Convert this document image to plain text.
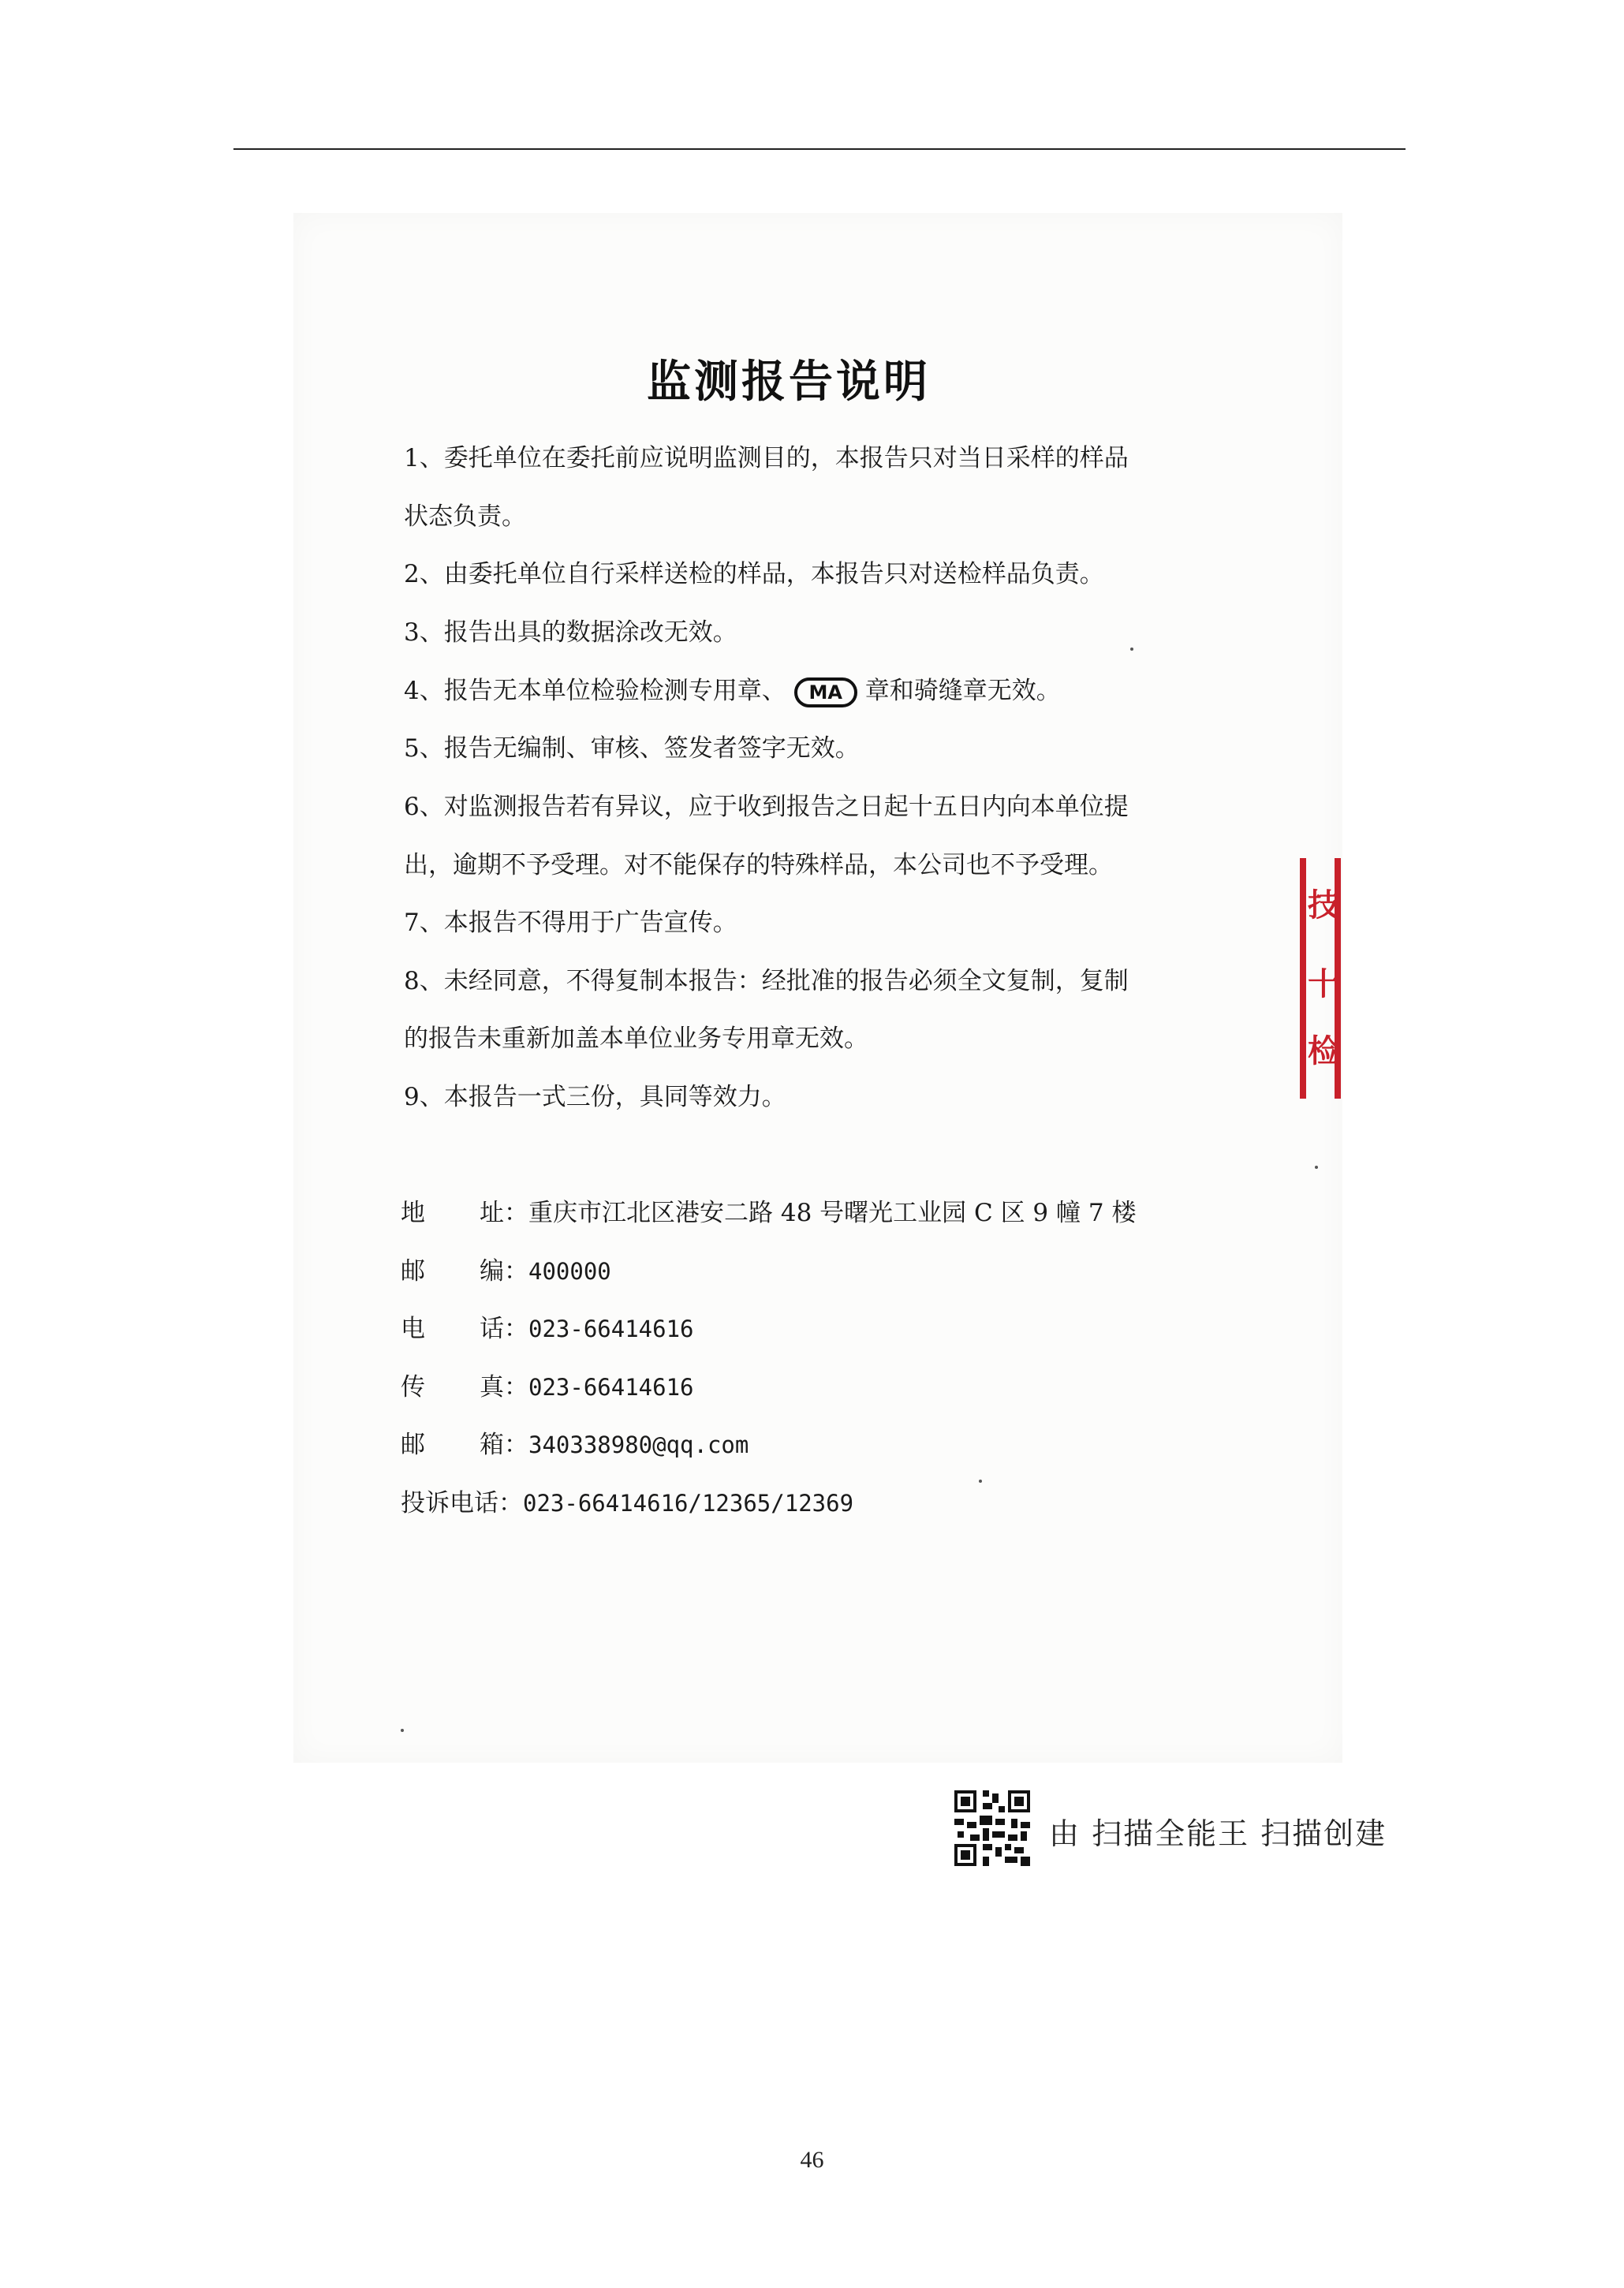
监测报告说明
1、委托单位在委托前应说明监测目的，本报告只对当日采样的样品
状态负责。
2、由委托单位自行采样送检的样品，本报告只对送检样品负责。
3、报告出具的数据涂改无效。
4、报告无本单位检验检测专用章、 MA 章和骑缝章无效。
5、报告无编制、审核、签发者签字无效。
6、对监测报告若有异议，应于收到报告之日起十五日内向本单位提
出，逾期不予受理。对不能保存的特殊样品，本公司也不予受理。
7、本报告不得用于广告宣传。
8、未经同意，不得复制本报告：经批准的报告必须全文复制，复制
的报告未重新加盖本单位业务专用章无效。
9、本报告一式三份，具同等效力。
地 址： 重庆市江北区港安二路 48 号曙光工业园 C 区 9 幢 7 楼
邮 编： 400000
电 话： 023-66414616
传 真： 023-66414616
邮 箱： 340338980@qq.com
投诉电话：023-66414616/12365/12369
技
十
检
由 扫描全能王 扫描创建
46
